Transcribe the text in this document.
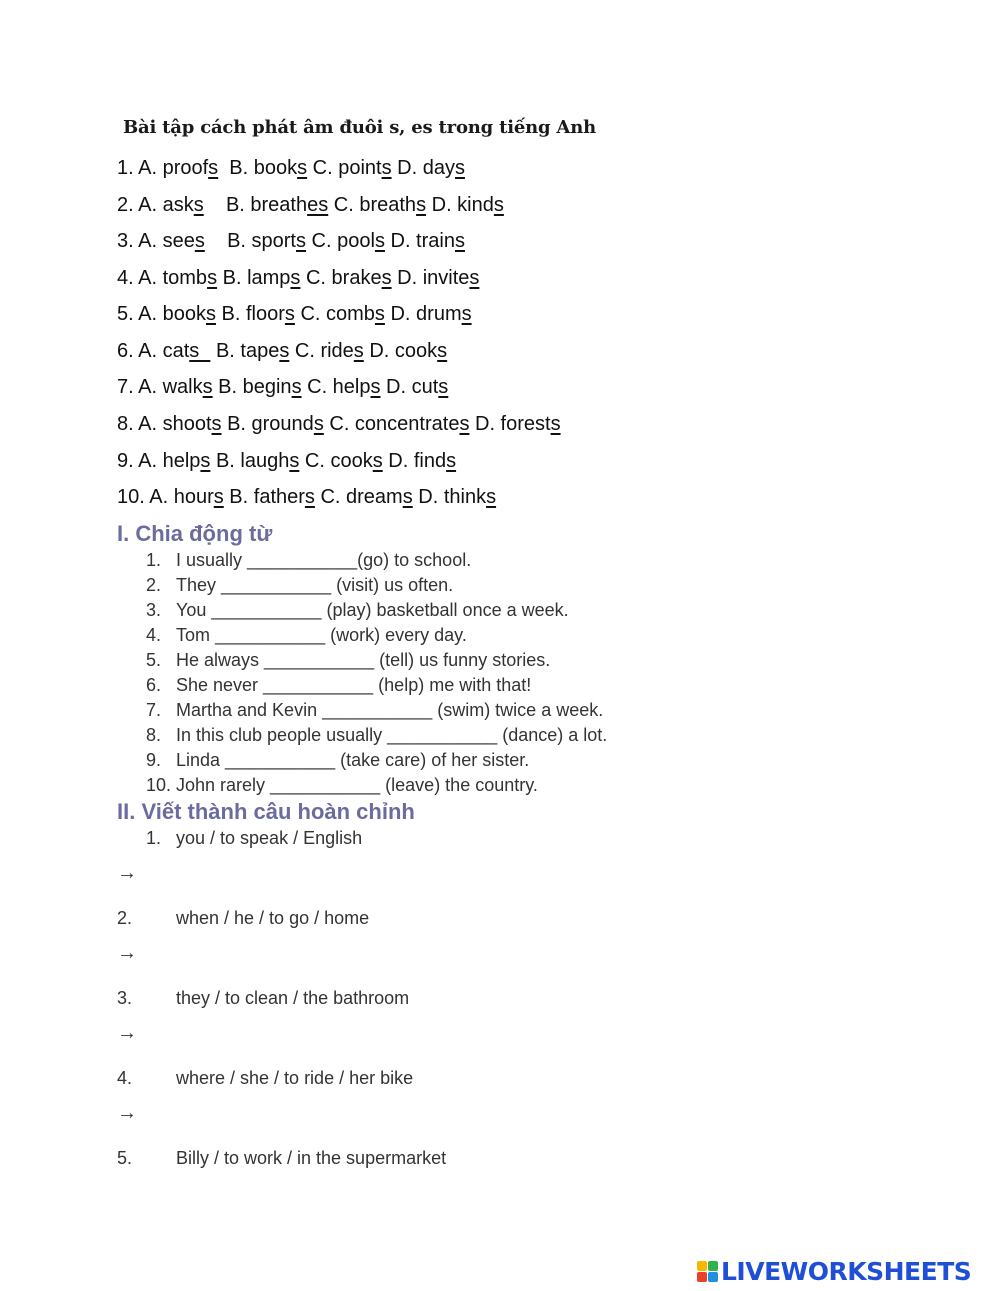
Bài tập cách phát âm đuôi s, es trong tiếng Anh
1. A. proofs  B. books C. points D. days
2. A. asks    B. breathes C. breaths D. kinds
3. A. sees    B. sports C. pools D. trains
4. A. tombs B. lamps C. brakes D. invites
5. A. books B. floors C. combs D. drums
6. A. cats   B. tapes C. rides D. cooks
7. A. walks B. begins C. helps D. cuts
8. A. shoots B. grounds C. concentrates D. forests
9. A. helps B. laughs C. cooks D. finds
10. A. hours B. fathers C. dreams D. thinks
I. Chia động từ
1. I usually ___________(go) to school.
2. They ___________ (visit) us often.
3. You ___________ (play) basketball once a week.
4. Tom ___________ (work) every day.
5. He always ___________ (tell) us funny stories.
6. She never ___________ (help) me with that!
7. Martha and Kevin ___________ (swim) twice a week.
8. In this club people usually ___________ (dance) a lot.
9. Linda ___________ (take care) of her sister.
10. John rarely ___________ (leave) the country.
II. Viết thành câu hoàn chỉnh
1. you / to speak / English
2. when / he / to go / home
3. they / to clean / the bathroom
4. where / she / to ride / her bike
5. Billy / to work / in the supermarket
→
→
→
→
LIVEWORKSHEETS
